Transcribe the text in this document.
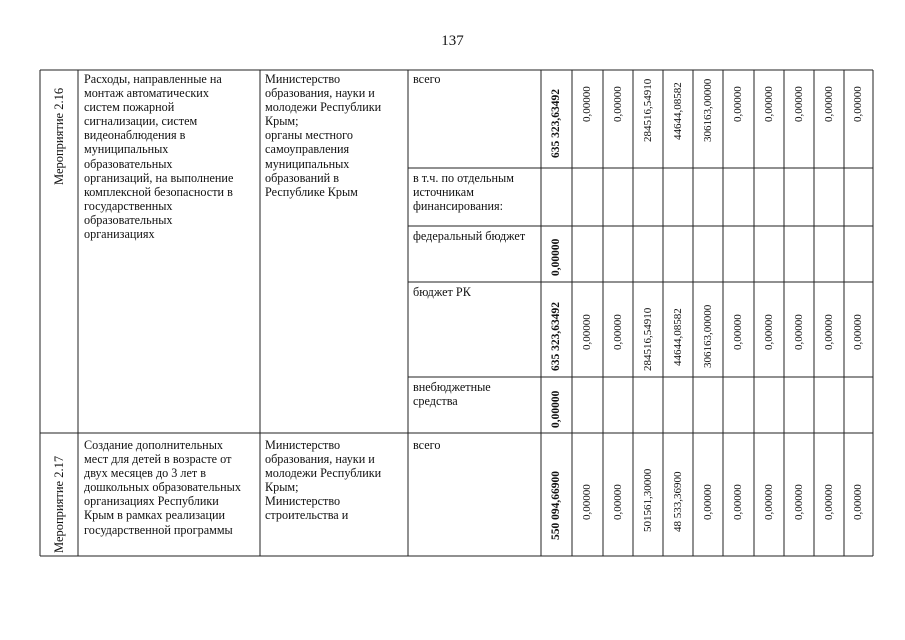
137
Мероприятие 2.16
Расходы, направленные на
монтаж автоматических
систем пожарной
сигнализации, систем
видеонаблюдения в
муниципальных
образовательных
организаций, на выполнение
комплексной безопасности в
государственных
образовательных
организациях
Министерство
образования, науки и
молодежи Республики
Крым;
органы местного
самоуправления
муниципальных
образований в
Республике Крым
всего
в т.ч. по отдельным
источникам
финансирования:
федеральный бюджет
бюджет РК
внебюджетные
средства
635 323,63492 0,00000 0,00000 284516,54910 44644,08582 306163,00000 0,00000 0,00000 0,00000 0,00000 0,00000
0,00000
635 323,63492 0,00000 0,00000 284516,54910 44644,08582 306163,00000 0,00000 0,00000 0,00000 0,00000 0,00000
0,00000
Мероприятие 2.17
Создание дополнительных
мест для детей в возрасте от
двух месяцев до 3 лет в
дошкольных образовательных
организациях Республики
Крым в рамках реализации
государственной программы
Министерство
образования, науки и
молодежи Республики
Крым;
Министерство
строительства и
всего
550 094,66900 0,00000 0,00000 501561,30000 48 533,36900 0,00000 0,00000 0,00000 0,00000 0,00000 0,00000
